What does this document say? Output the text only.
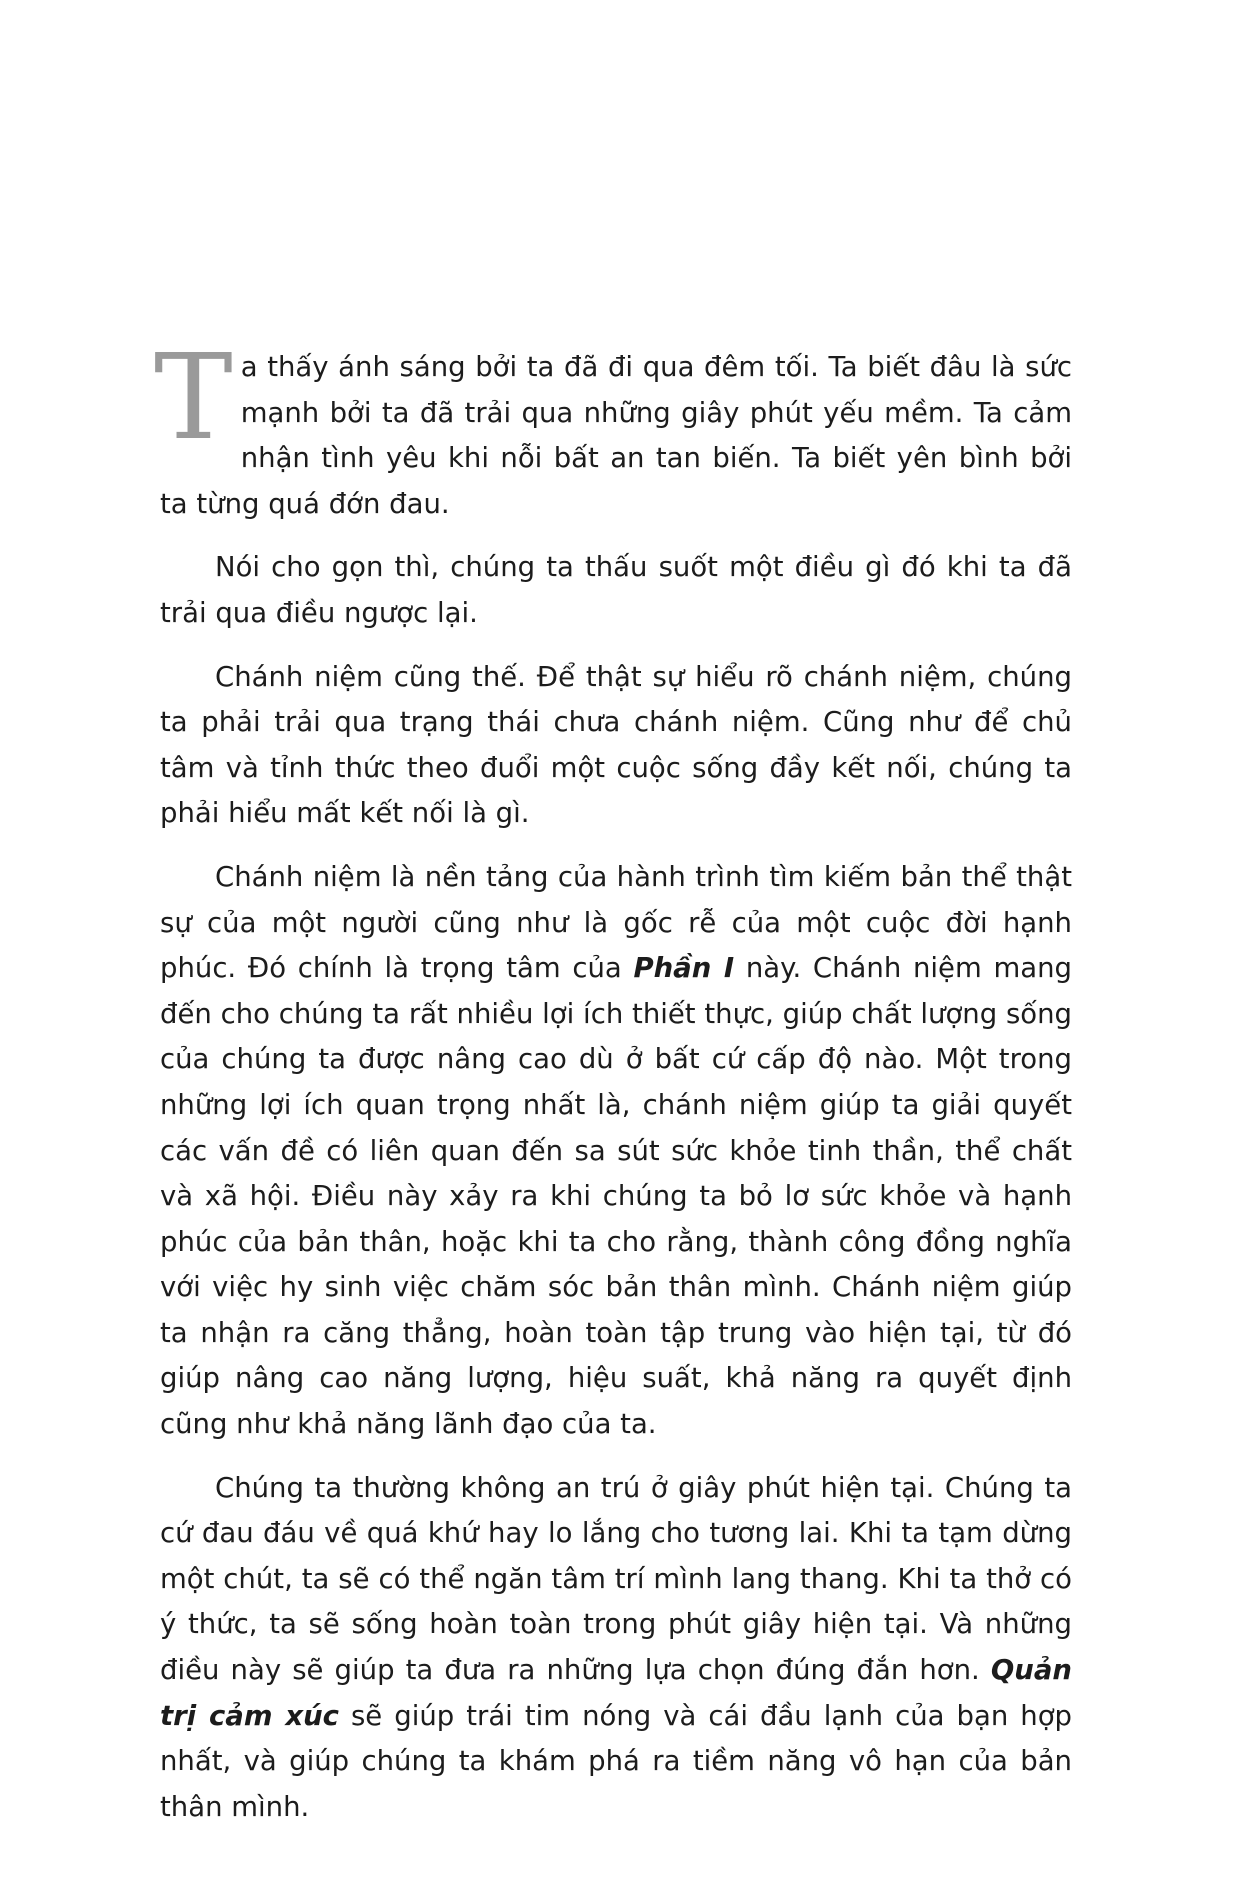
Ta thấy ánh sáng bởi ta đã đi qua đêm tối. Ta biết đâu là sức mạnh bởi ta đã trải qua những giây phút yếu mềm. Ta cảm nhận tình yêu khi nỗi bất an tan biến. Ta biết yên bình bởi ta từng quá đớn đau.

Nói cho gọn thì, chúng ta thấu suốt một điều gì đó khi ta đã trải qua điều ngược lại.

Chánh niệm cũng thế. Để thật sự hiểu rõ chánh niệm, chúng ta phải trải qua trạng thái chưa chánh niệm. Cũng như để chủ tâm và tỉnh thức theo đuổi một cuộc sống đầy kết nối, chúng ta phải hiểu mất kết nối là gì.

Chánh niệm là nền tảng của hành trình tìm kiếm bản thể thật sự của một người cũng như là gốc rễ của một cuộc đời hạnh phúc. Đó chính là trọng tâm của Phần I này. Chánh niệm mang đến cho chúng ta rất nhiều lợi ích thiết thực, giúp chất lượng sống của chúng ta được nâng cao dù ở bất cứ cấp độ nào. Một trong những lợi ích quan trọng nhất là, chánh niệm giúp ta giải quyết các vấn đề có liên quan đến sa sút sức khỏe tinh thần, thể chất và xã hội. Điều này xảy ra khi chúng ta bỏ lơ sức khỏe và hạnh phúc của bản thân, hoặc khi ta cho rằng, thành công đồng nghĩa với việc hy sinh việc chăm sóc bản thân mình. Chánh niệm giúp ta nhận ra căng thẳng, hoàn toàn tập trung vào hiện tại, từ đó giúp nâng cao năng lượng, hiệu suất, khả năng ra quyết định cũng như khả năng lãnh đạo của ta.

Chúng ta thường không an trú ở giây phút hiện tại. Chúng ta cứ đau đáu về quá khứ hay lo lắng cho tương lai. Khi ta tạm dừng một chút, ta sẽ có thể ngăn tâm trí mình lang thang. Khi ta thở có ý thức, ta sẽ sống hoàn toàn trong phút giây hiện tại. Và những điều này sẽ giúp ta đưa ra những lựa chọn đúng đắn hơn. Quản trị cảm xúc sẽ giúp trái tim nóng và cái đầu lạnh của bạn hợp nhất, và giúp chúng ta khám phá ra tiềm năng vô hạn của bản thân mình.
